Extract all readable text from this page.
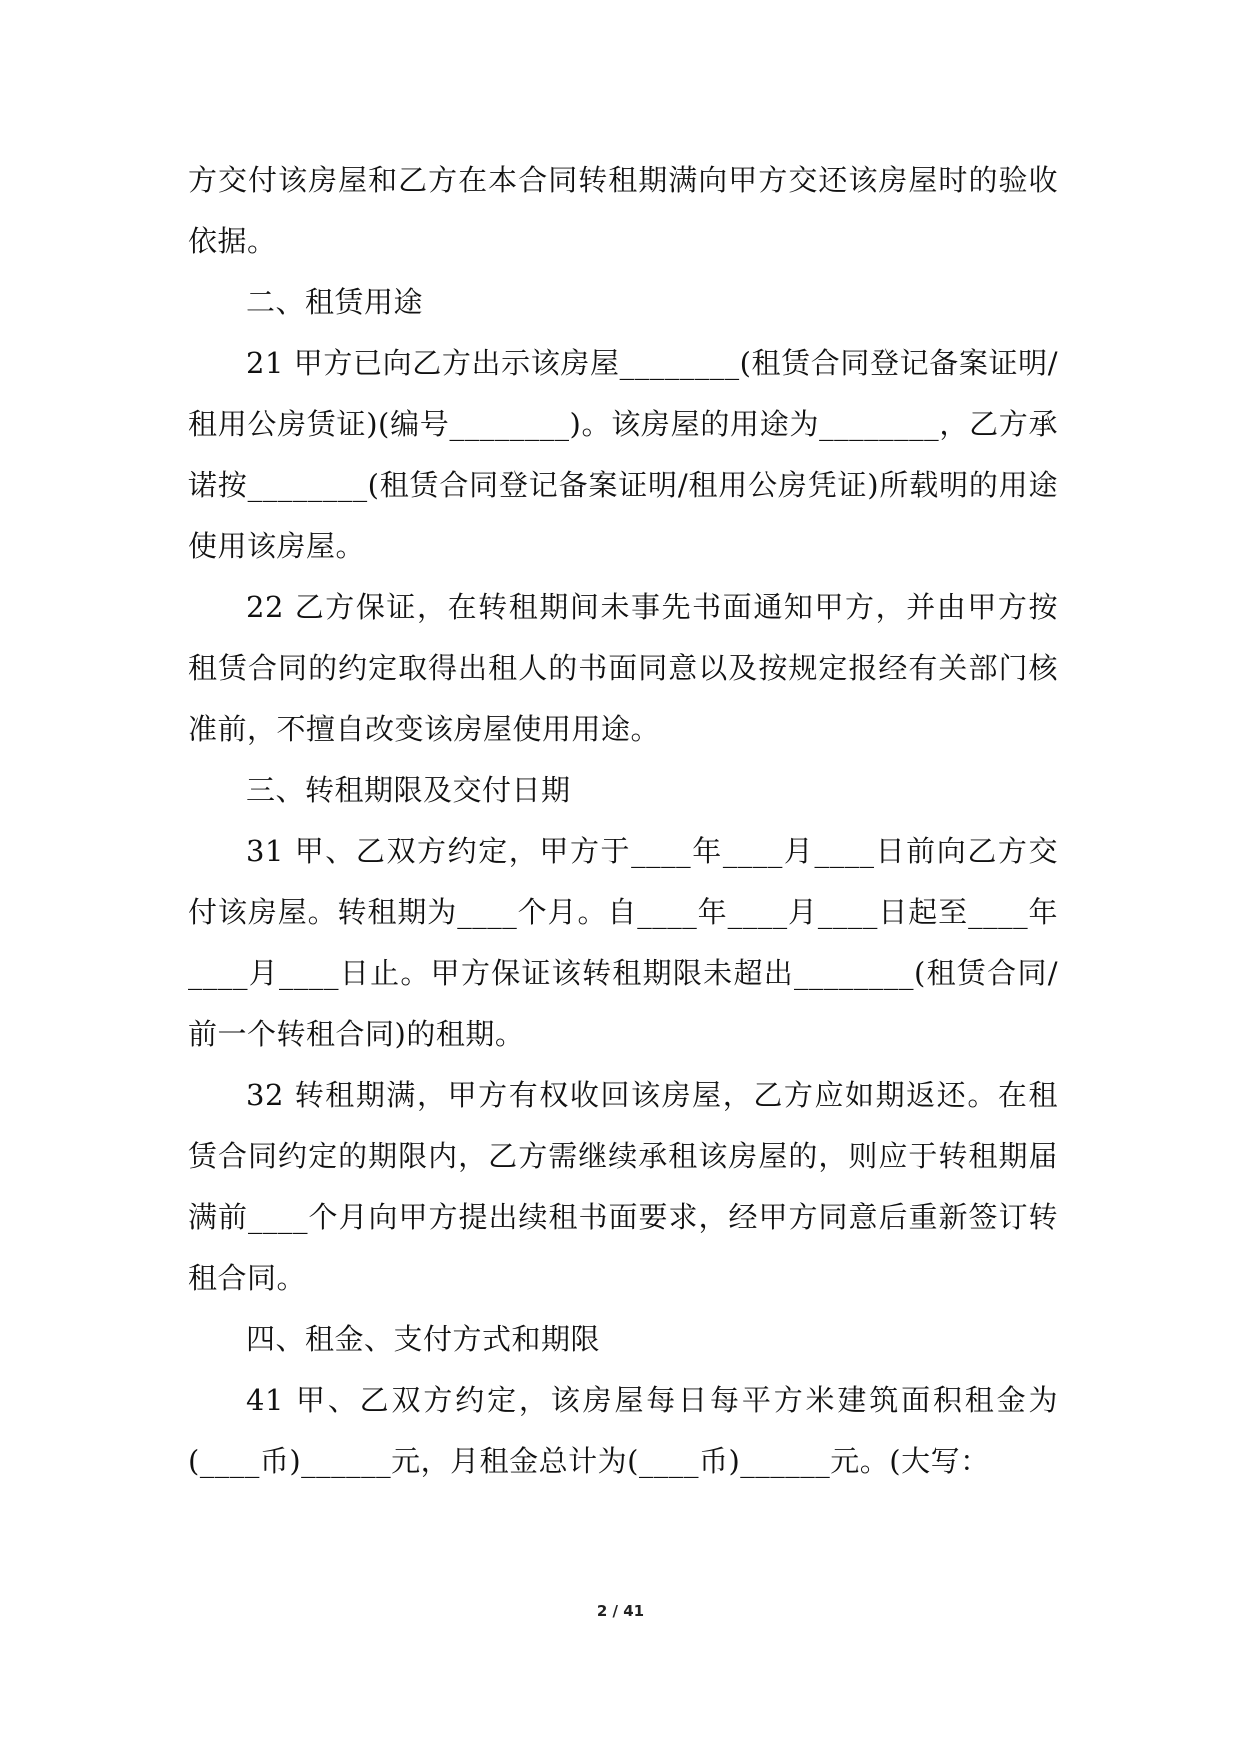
方交付该房屋和乙方在本合同转租期满向甲方交还该房屋时的验收依据。

二、租赁用途

21 甲方已向乙方出示该房屋________(租赁合同登记备案证明/租用公房赁证)(编号________)。该房屋的用途为________，乙方承诺按________(租赁合同登记备案证明/租用公房凭证)所载明的用途使用该房屋。

22 乙方保证，在转租期间未事先书面通知甲方，并由甲方按租赁合同的约定取得出租人的书面同意以及按规定报经有关部门核准前，不擅自改变该房屋使用用途。

三、转租期限及交付日期

31 甲、乙双方约定，甲方于____年____月____日前向乙方交付该房屋。转租期为____个月。自____年____月____日起至____年____月____日止。甲方保证该转租期限未超出________(租赁合同/前一个转租合同)的租期。

32 转租期满，甲方有权收回该房屋，乙方应如期返还。在租赁合同约定的期限内，乙方需继续承租该房屋的，则应于转租期届满前____个月向甲方提出续租书面要求，经甲方同意后重新签订转租合同。

四、租金、支付方式和期限

41 甲、乙双方约定，该房屋每日每平方米建筑面积租金为(____币)______元，月租金总计为(____币)______元。(大写：

2 / 41
